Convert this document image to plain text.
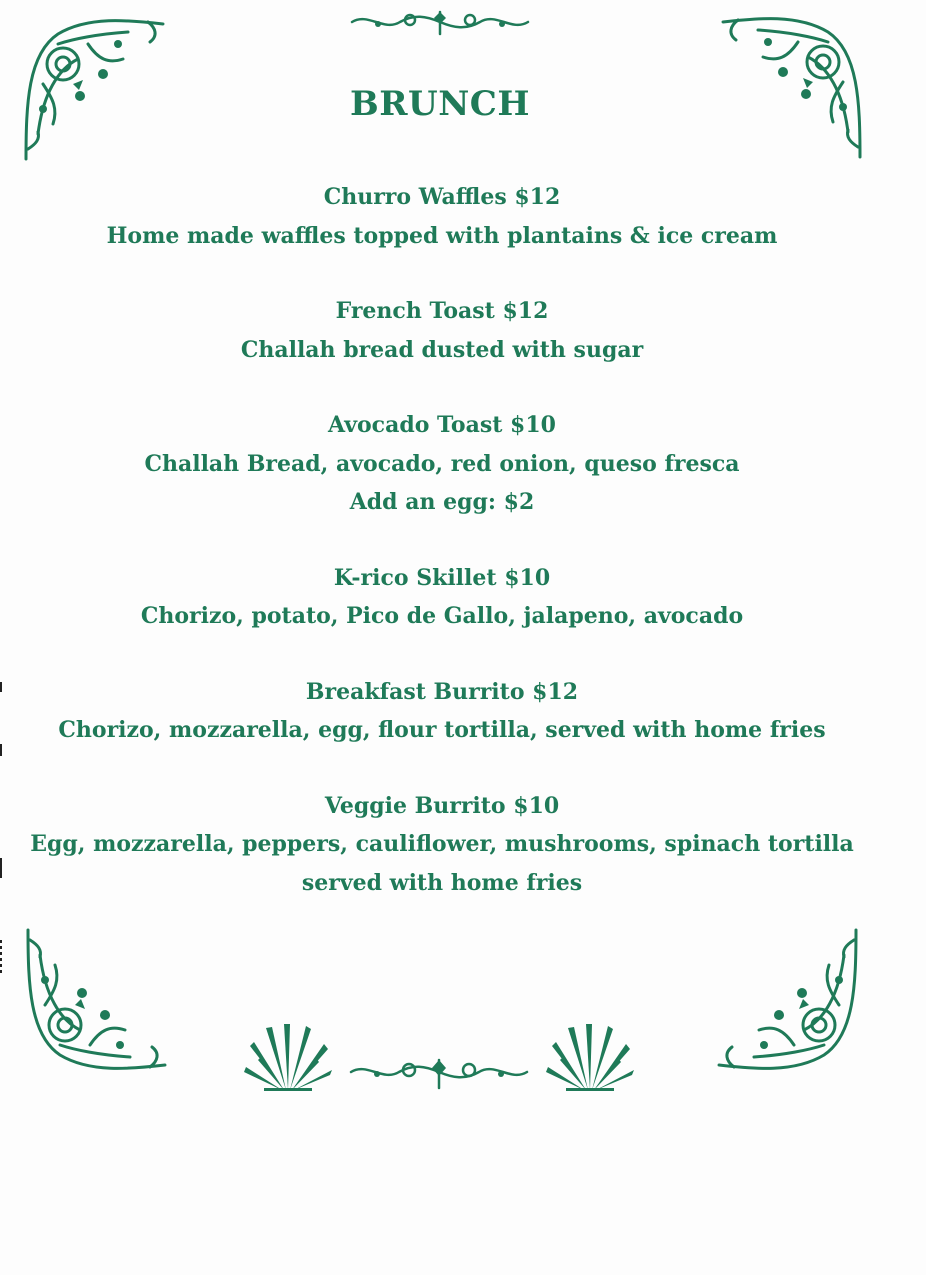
BRUNCH
Churro Waffles $12
Home made waffles topped with plantains & ice cream
French Toast $12
Challah bread dusted with sugar
Avocado Toast $10
Challah Bread, avocado, red onion, queso fresca
Add an egg: $2
K-rico Skillet $10
Chorizo, potato, Pico de Gallo, jalapeno, avocado
Breakfast Burrito $12
Chorizo, mozzarella, egg, flour tortilla, served with home fries
Veggie Burrito $10
Egg, mozzarella, peppers, cauliflower, mushrooms, spinach tortilla
served with home fries
